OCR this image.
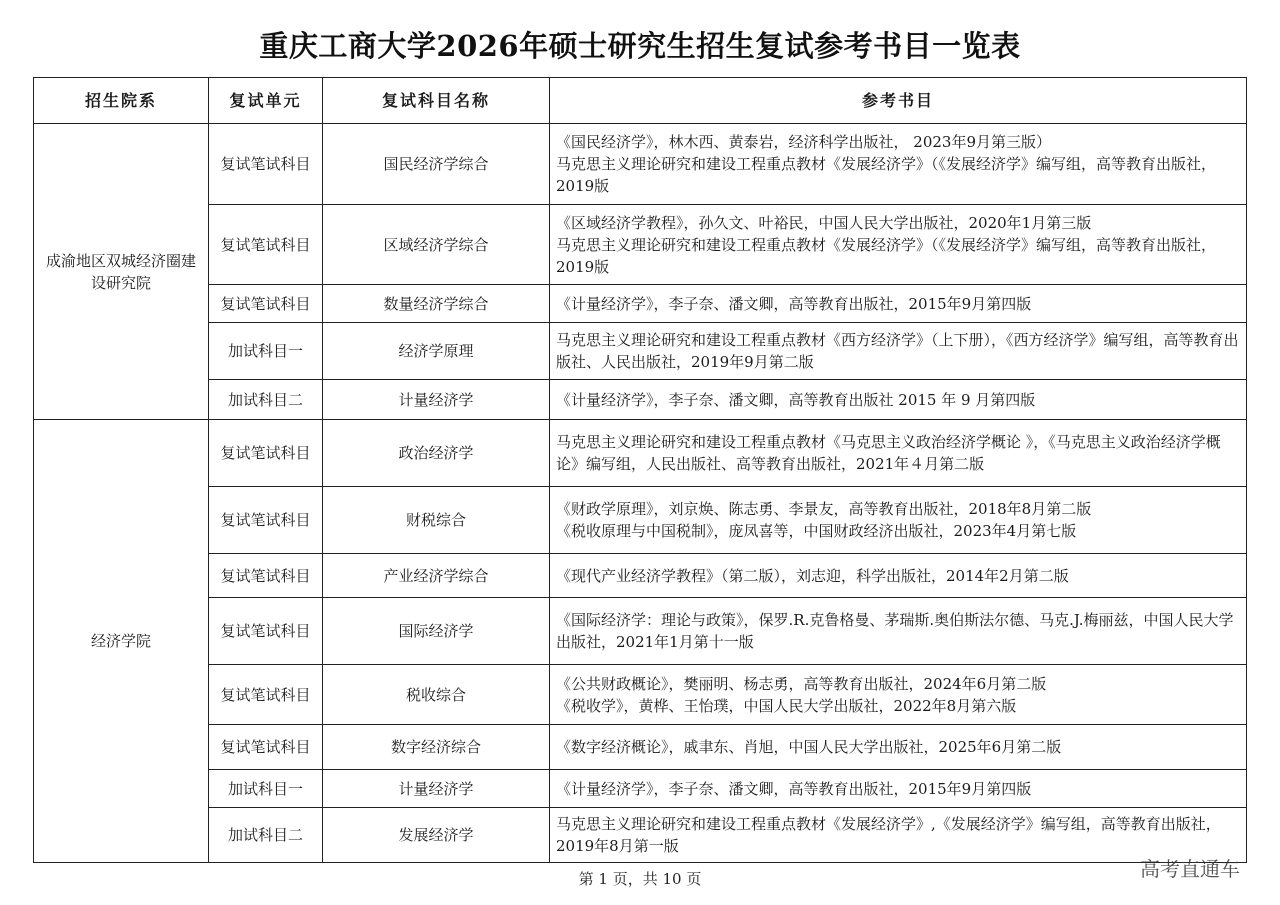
重庆工商大学2026年硕士研究生招生复试参考书目一览表
招生院系	复试单元	复试科目名称	参考书目
成渝地区双城经济圈建设研究院	复试笔试科目	国民经济学综合	《国民经济学》，林木西、黄泰岩，经济科学出版社， 2023年9月第三版）
马克思主义理论研究和建设工程重点教材《发展经济学》（《发展经济学》编写组，高等教育出版社，2019版

	复试笔试科目	区域经济学综合	《区域经济学教程》，孙久文、叶裕民，中国人民大学出版社，2020年1月第三版
马克思主义理论研究和建设工程重点教材《发展经济学》（《发展经济学》编写组，高等教育出版社，2019版

	复试笔试科目	数量经济学综合	《计量经济学》，李子奈、潘文卿，高等教育出版社，2015年9月第四版

	加试科目一	经济学原理	马克思主义理论研究和建设工程重点教材《西方经济学》（上下册），《西方经济学》编写组，高等教育出版社、人民出版社，2019年9月第二版

	加试科目二	计量经济学	《计量经济学》，李子奈、潘文卿，高等教育出版社 2015 年 9 月第四版

经济学院	复试笔试科目	政治经济学	马克思主义理论研究和建设工程重点教材《马克思主义政治经济学概论 》，《马克思主义政治经济学概论》编写组，人民出版社、高等教育出版社，2021年４月第二版

	复试笔试科目	财税综合	《财政学原理》，刘京焕、陈志勇、李景友，高等教育出版社，2018年8月第二版
《税收原理与中国税制》，庞凤喜等，中国财政经济出版社，2023年4月第七版

	复试笔试科目	产业经济学综合	《现代产业经济学教程》（第二版），刘志迎，科学出版社，2014年2月第二版

	复试笔试科目	国际经济学	《国际经济学：理论与政策》，保罗.R.克鲁格曼、茅瑞斯.奥伯斯法尔德、马克.J.梅丽兹，中国人民大学出版社，2021年1月第十一版

	复试笔试科目	税收综合	《公共财政概论》，樊丽明、杨志勇，高等教育出版社，2024年6月第二版
《税收学》，黄桦、王怡璞，中国人民大学出版社，2022年8月第六版

	复试笔试科目	数字经济综合	《数字经济概论》，戚聿东、肖旭，中国人民大学出版社，2025年6月第二版

	加试科目一	计量经济学	《计量经济学》，李子奈、潘文卿，高等教育出版社，2015年9月第四版

	加试科目二	发展经济学	马克思主义理论研究和建设工程重点教材《发展经济学》,《发展经济学》编写组，高等教育出版社，2019年8月第一版
第 1 页，共 10 页	高考直通车
